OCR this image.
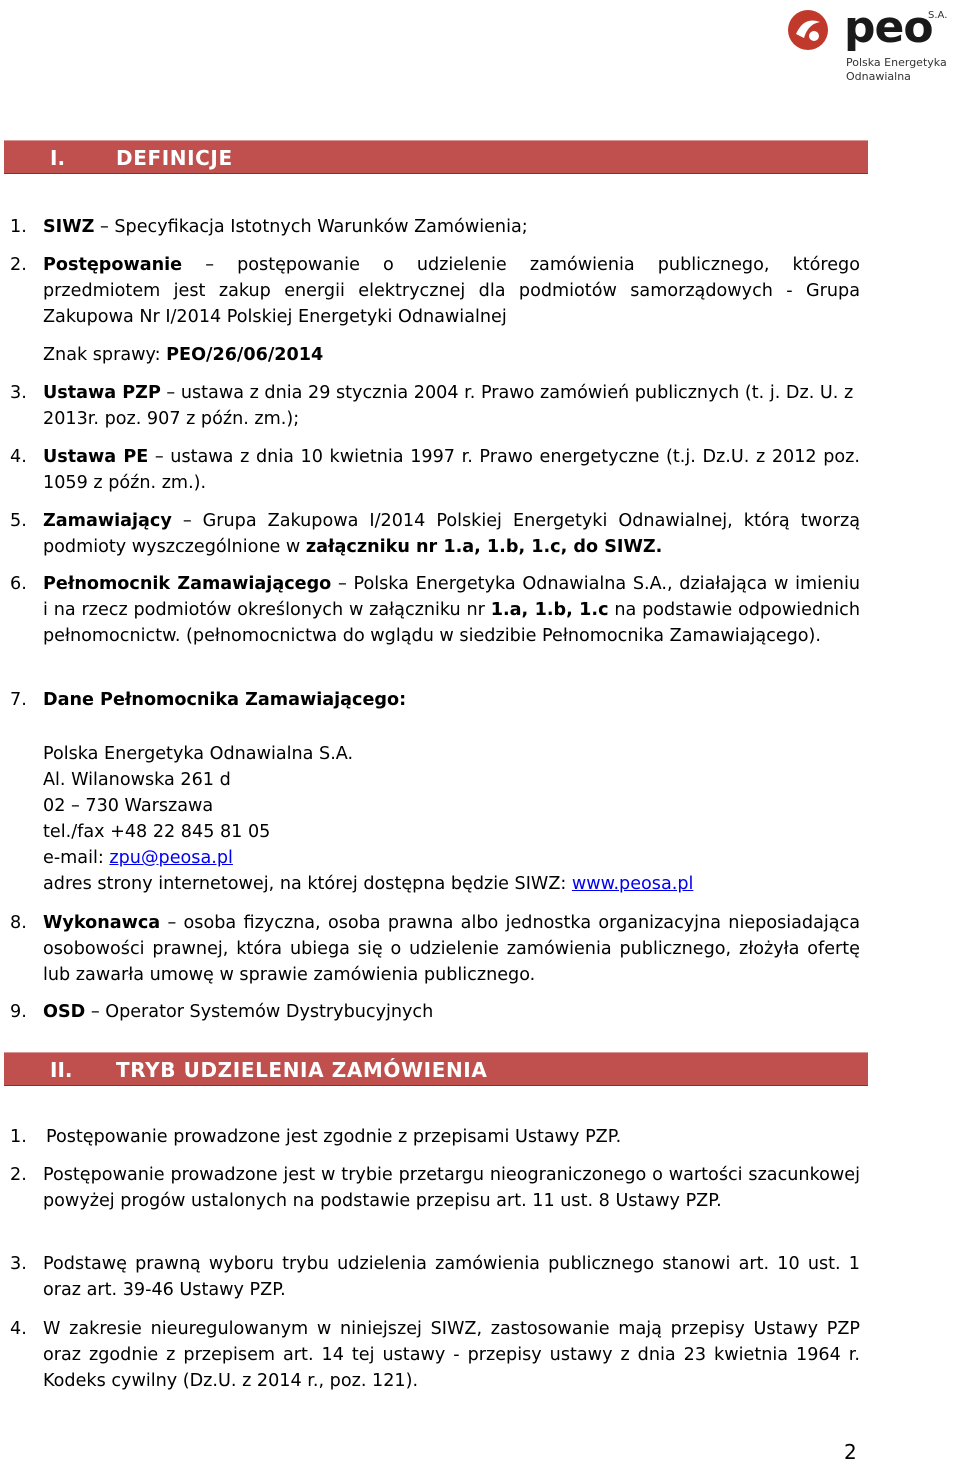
peo
S.A.
Polska Energetyka
Odnawialna
I.	DEFINICJE
1. SIWZ – Specyfikacja Istotnych Warunków Zamówienia;
2. Postępowanie – postępowanie o udzielenie zamówienia publicznego, którego przedmiotem jest zakup energii elektrycznej dla podmiotów samorządowych - Grupa Zakupowa Nr I/2014 Polskiej Energetyki Odnawialnej
Znak sprawy: PEO/26/06/2014
3. Ustawa PZP – ustawa z dnia 29 stycznia 2004 r. Prawo zamówień publicznych (t. j. Dz. U. z 2013r. poz. 907 z późn. zm.);
4. Ustawa PE – ustawa z dnia 10 kwietnia 1997 r. Prawo energetyczne (t.j. Dz.U. z 2012 poz. 1059 z późn. zm.).
5. Zamawiający – Grupa Zakupowa I/2014 Polskiej Energetyki Odnawialnej, którą tworzą podmioty wyszczególnione w załączniku nr 1.a, 1.b, 1.c, do SIWZ.
6. Pełnomocnik Zamawiającego – Polska Energetyka Odnawialna S.A., działająca w imieniu i na rzecz podmiotów określonych w załączniku nr 1.a, 1.b, 1.c na podstawie odpowiednich pełnomocnictw. (pełnomocnictwa do wglądu w siedzibie Pełnomocnika Zamawiającego).
7. Dane Pełnomocnika Zamawiającego:
Polska Energetyka Odnawialna S.A.
Al. Wilanowska 261 d
02 – 730 Warszawa
tel./fax +48 22 845 81 05
e-mail: zpu@peosa.pl
adres strony internetowej, na której dostępna będzie SIWZ: www.peosa.pl
8. Wykonawca – osoba fizyczna, osoba prawna albo jednostka organizacyjna nieposiadająca osobowości prawnej, która ubiega się o udzielenie zamówienia publicznego, złożyła ofertę lub zawarła umowę w sprawie zamówienia publicznego.
9. OSD – Operator Systemów Dystrybucyjnych
II. TRYB UDZIELENIA ZAMÓWIENIA
1. Postępowanie prowadzone jest zgodnie z przepisami Ustawy PZP.
2. Postępowanie prowadzone jest w trybie przetargu nieograniczonego o wartości szacunkowej powyżej progów ustalonych na podstawie przepisu art. 11 ust. 8 Ustawy PZP.
3. Podstawę prawną wyboru trybu udzielenia zamówienia publicznego stanowi art. 10 ust. 1 oraz art. 39-46 Ustawy PZP.
4. W zakresie nieuregulowanym w niniejszej SIWZ, zastosowanie mają przepisy Ustawy PZP oraz zgodnie z przepisem art. 14 tej ustawy - przepisy ustawy z dnia 23 kwietnia 1964 r. Kodeks cywilny (Dz.U. z 2014 r., poz. 121).
2
